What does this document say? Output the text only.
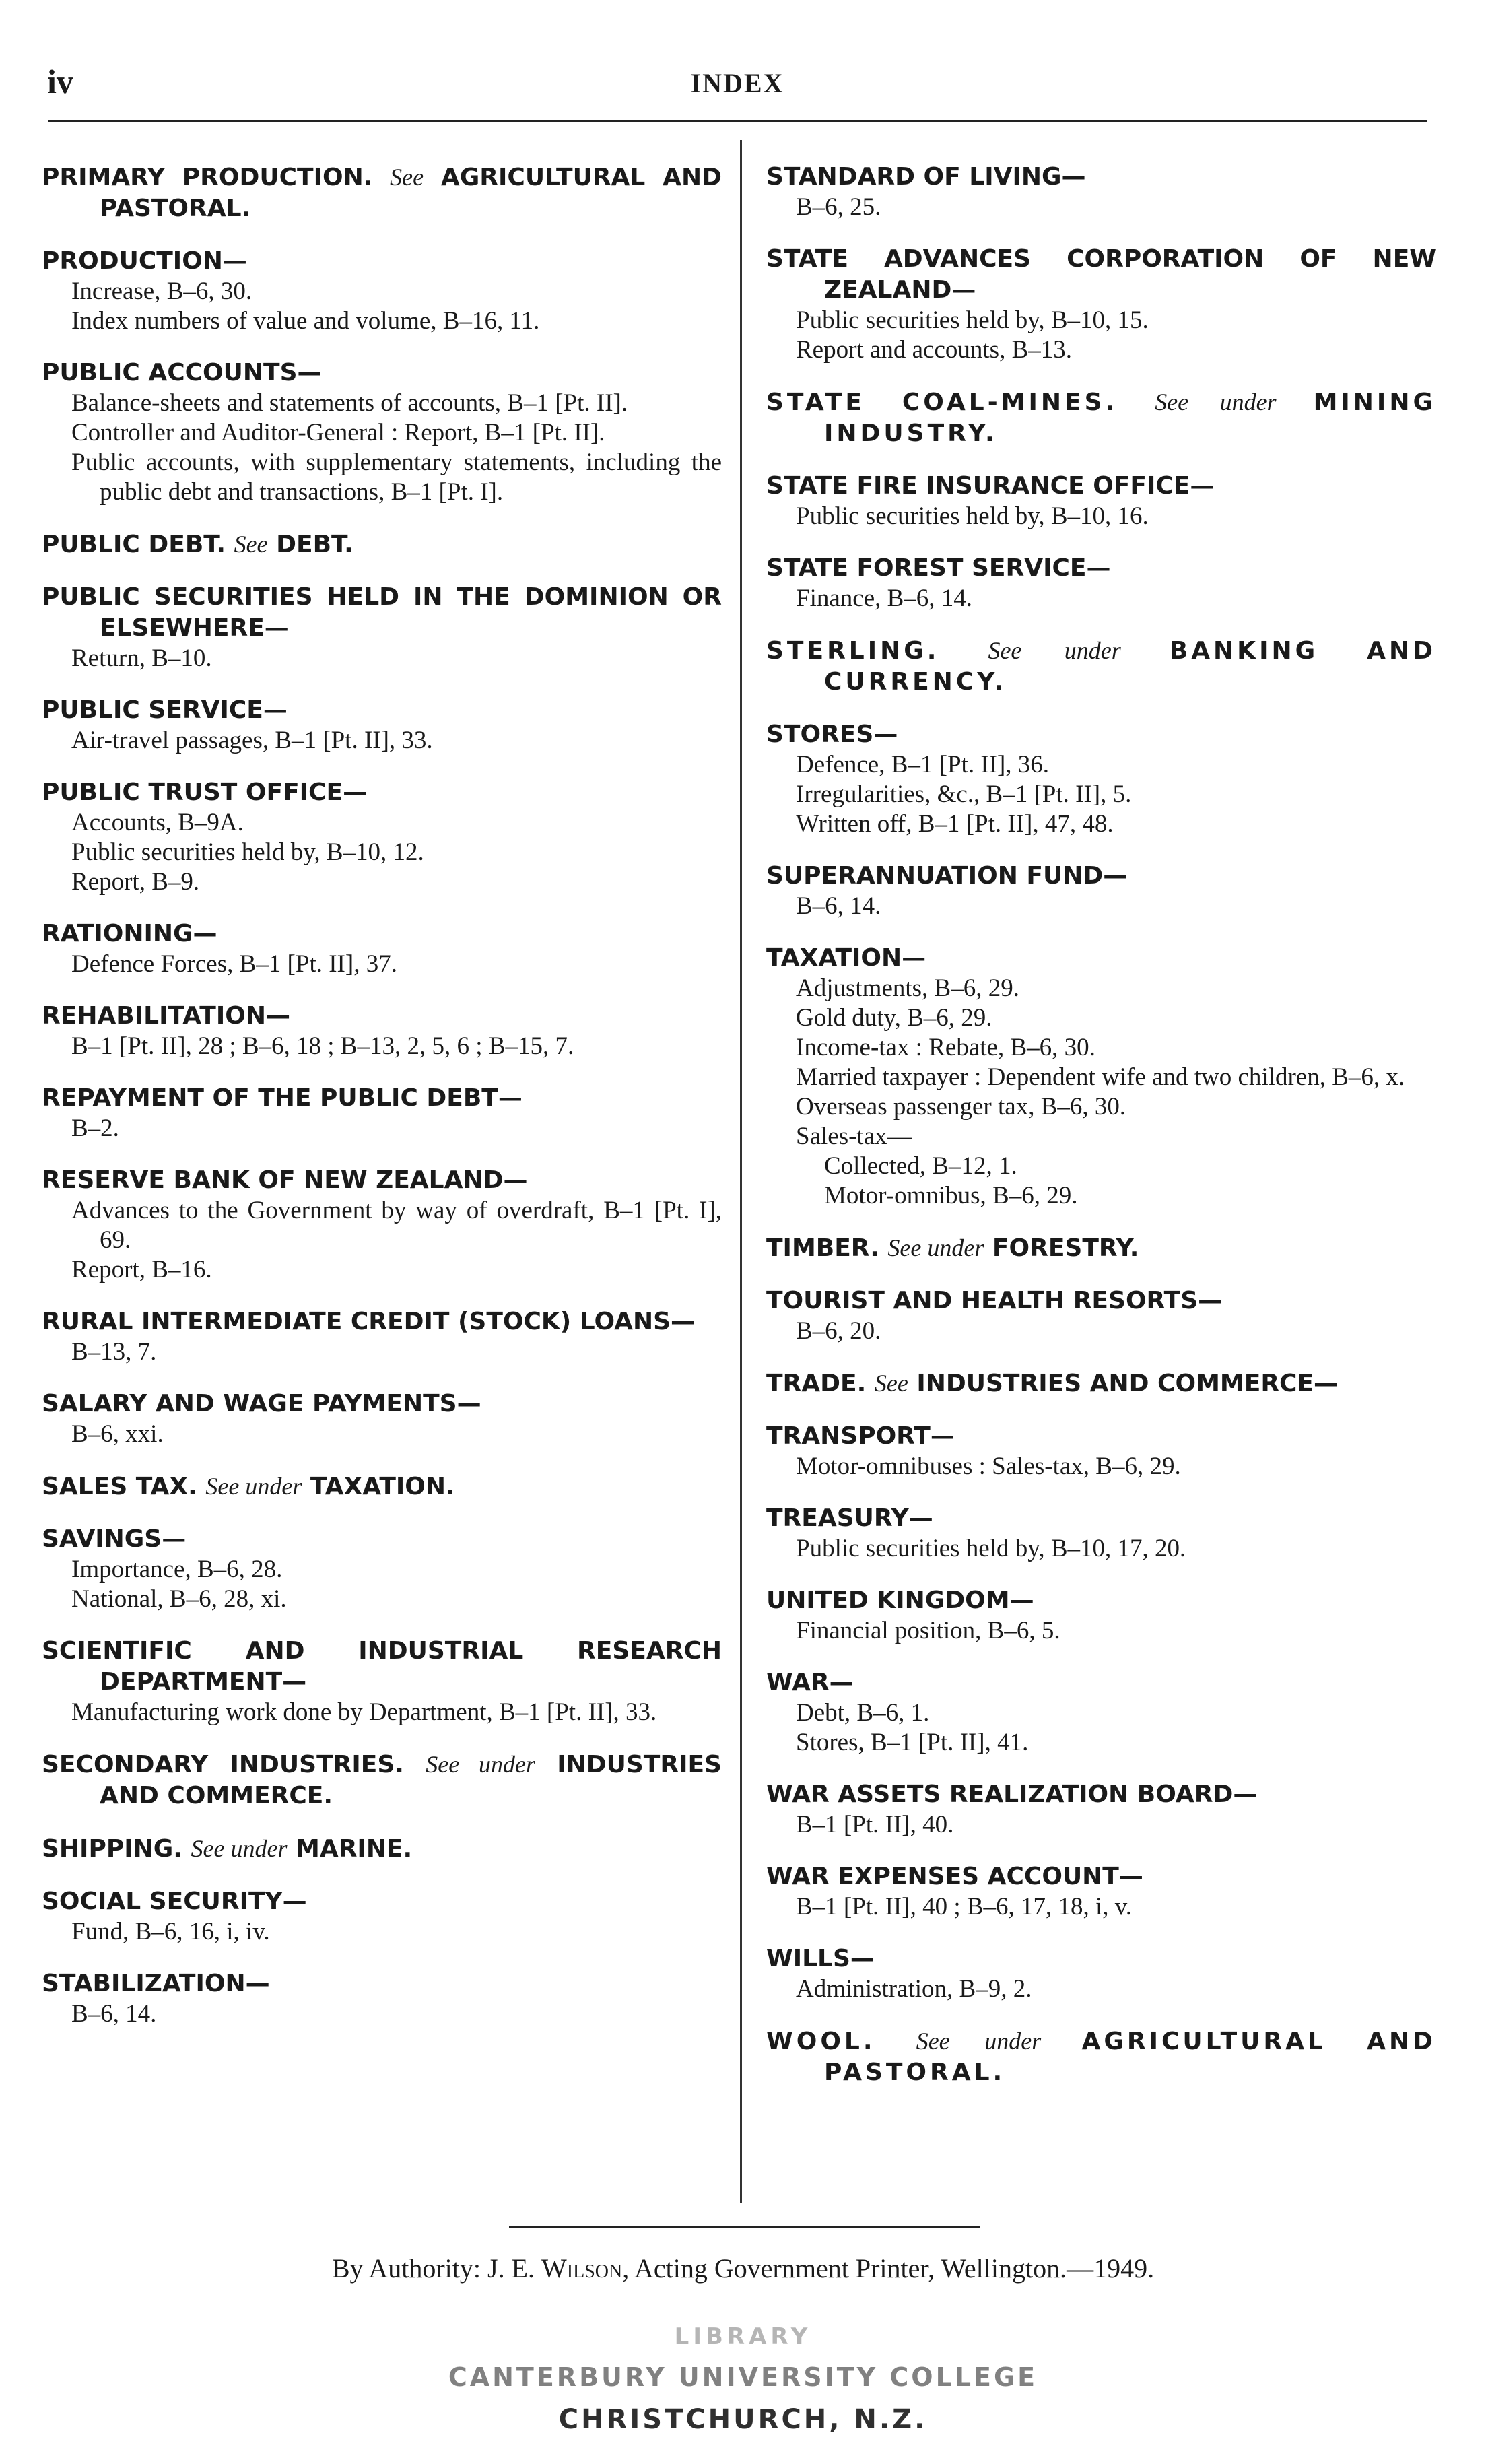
iv	INDEX
PRIMARY PRODUCTION. See AGRICULTURAL AND PASTORAL.
PRODUCTION—
Increase, B–6, 30.
Index numbers of value and volume, B–16, 11.
PUBLIC ACCOUNTS—
Balance-sheets and statements of accounts, B–1 [Pt. II].
Controller and Auditor-General : Report, B–1 [Pt. II].
Public accounts, with supplementary statements, including the public debt and transactions, B–1 [Pt. I].
PUBLIC DEBT. See DEBT.
PUBLIC SECURITIES HELD IN THE DOMINION OR ELSEWHERE—
Return, B–10.
PUBLIC SERVICE—
Air-travel passages, B–1 [Pt. II], 33.
PUBLIC TRUST OFFICE—
Accounts, B–9A.
Public securities held by, B–10, 12.
Report, B–9.
RATIONING—
Defence Forces, B–1 [Pt. II], 37.
REHABILITATION—
B–1 [Pt. II], 28 ; B–6, 18 ; B–13, 2, 5, 6 ; B–15, 7.
REPAYMENT OF THE PUBLIC DEBT—
B–2.
RESERVE BANK OF NEW ZEALAND—
Advances to the Government by way of overdraft, B–1 [Pt. I], 69.
Report, B–16.
RURAL INTERMEDIATE CREDIT (STOCK) LOANS—
B–13, 7.
SALARY AND WAGE PAYMENTS—
B–6, xxi.
SALES TAX. See under TAXATION.
SAVINGS—
Importance, B–6, 28.
National, B–6, 28, xi.
SCIENTIFIC AND INDUSTRIAL RESEARCH DEPARTMENT—
Manufacturing work done by Department, B–1 [Pt. II], 33.
SECONDARY INDUSTRIES. See under INDUSTRIES AND COMMERCE.
SHIPPING. See under MARINE.
SOCIAL SECURITY—
Fund, B–6, 16, i, iv.
STABILIZATION—
B–6, 14.
STANDARD OF LIVING—
B–6, 25.
STATE ADVANCES CORPORATION OF NEW ZEALAND—
Public securities held by, B–10, 15.
Report and accounts, B–13.
STATE COAL-MINES. See under MINING INDUSTRY.
STATE FIRE INSURANCE OFFICE—
Public securities held by, B–10, 16.
STATE FOREST SERVICE—
Finance, B–6, 14.
STERLING. See under BANKING AND CURRENCY.
STORES—
Defence, B–1 [Pt. II], 36.
Irregularities, &c., B–1 [Pt. II], 5.
Written off, B–1 [Pt. II], 47, 48.
SUPERANNUATION FUND—
B–6, 14.
TAXATION—
Adjustments, B–6, 29.
Gold duty, B–6, 29.
Income-tax : Rebate, B–6, 30.
Married taxpayer : Dependent wife and two children, B–6, x.
Overseas passenger tax, B–6, 30.
Sales-tax—
Collected, B–12, 1.
Motor-omnibus, B–6, 29.
TIMBER. See under FORESTRY.
TOURIST AND HEALTH RESORTS—
B–6, 20.
TRADE. See INDUSTRIES AND COMMERCE—
TRANSPORT—
Motor-omnibuses : Sales-tax, B–6, 29.
TREASURY—
Public securities held by, B–10, 17, 20.
UNITED KINGDOM—
Financial position, B–6, 5.
WAR—
Debt, B–6, 1.
Stores, B–1 [Pt. II], 41.
WAR ASSETS REALIZATION BOARD—
B–1 [Pt. II], 40.
WAR EXPENSES ACCOUNT—
B–1 [Pt. II], 40 ; B–6, 17, 18, i, v.
WILLS—
Administration, B–9, 2.
WOOL. See under AGRICULTURAL AND PASTORAL.
By Authority: J. E. Wilson, Acting Government Printer, Wellington.—1949.
LIBRARY
CANTERBURY UNIVERSITY COLLEGE
CHRISTCHURCH, N.Z.
